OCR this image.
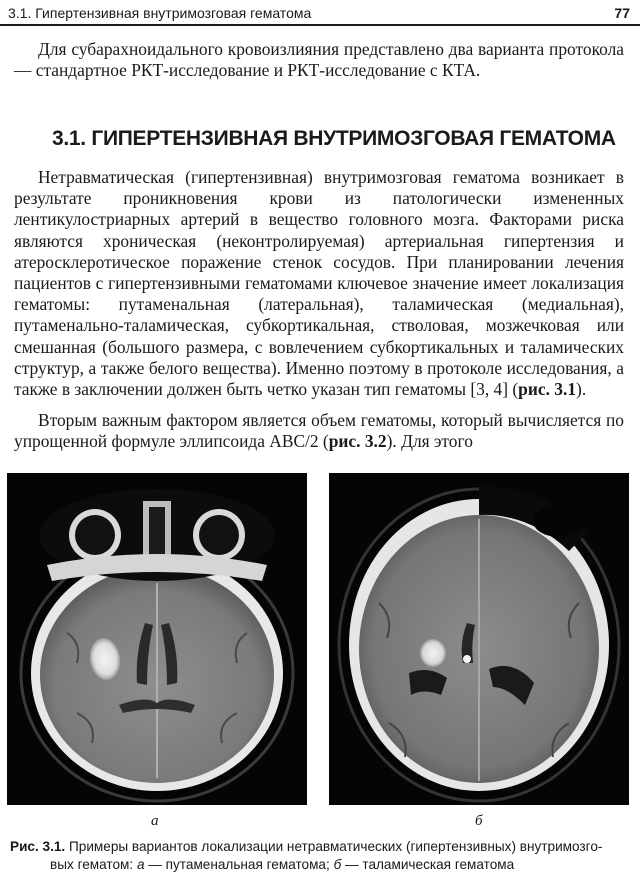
3.1. Гипертензивная внутримозговая гематома	77

Для субарахноидального кровоизлияния представлено два варианта протокола — стандартное РКТ-исследование и РКТ-исследование с КТА.

3.1. ГИПЕРТЕНЗИВНАЯ ВНУТРИМОЗГОВАЯ ГЕМАТОМА

Нетравматическая (гипертензивная) внутримозговая гематома возникает в результате проникновения крови из патологически измененных лентикулостриарных артерий в вещество головного мозга. Факторами риска являются хроническая (неконтролируемая) артериальная гипертензия и атеросклеротическое поражение стенок сосудов. При планировании лечения пациентов с гипертензивными гематомами ключевое значение имеет локализация гематомы: путаменальная (латеральная), таламическая (медиальная), путаменально-таламическая, субкортикальная, стволовая, мозжечковая или смешанная (большого размера, с вовлечением субкортикальных и таламических структур, а также белого вещества). Именно поэтому в протоколе исследования, а также в заключении должен быть четко указан тип гематомы [3, 4] (рис. 3.1).

Вторым важным фактором является объем гематомы, который вычисляется по упрощенной формуле эллипсоида ABC/2 (рис. 3.2). Для этого

а	б
Рис. 3.1. Примеры вариантов локализации нетравматических (гипертензивных) внутримозго-
вых гематом: а — путаменальная гематома; б — таламическая гематома
